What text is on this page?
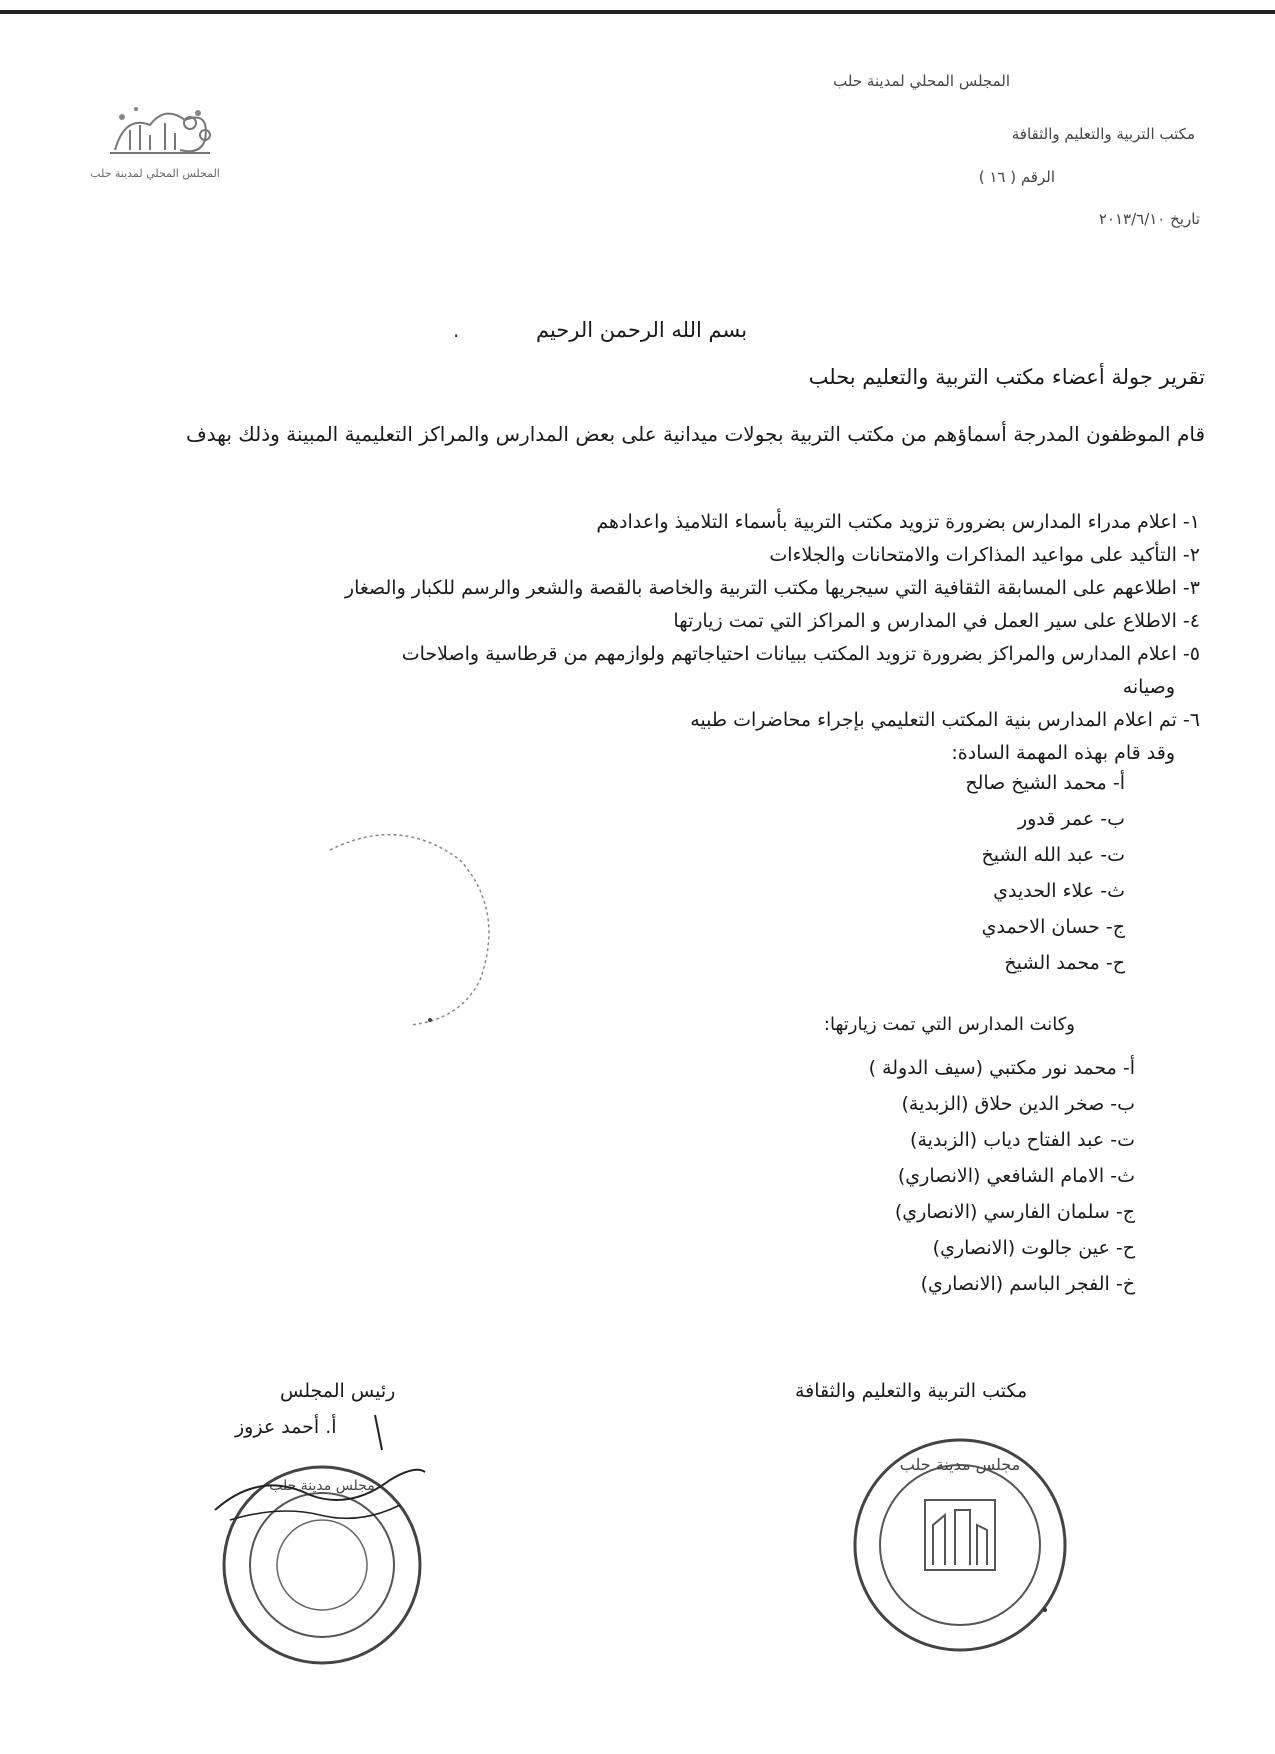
المجلس المحلي لمدينة حلب
مكتب التربية والتعليم والثقافة
الرقم ( ١٦ )
تاريخ ٢٠١٣/٦/١٠
المجلس المحلي لمدينة حلب
بسم الله الرحمن الرحيم .
تقرير جولة أعضاء مكتب التربية والتعليم بحلب
قام الموظفون المدرجة أسماؤهم من مكتب التربية بجولات ميدانية على بعض المدارس والمراكز التعليمية المبينة وذلك بهدف
١- اعلام مدراء المدارس بضرورة تزويد مكتب التربية بأسماء التلاميذ واعدادهم
٢- التأكيد على مواعيد المذاكرات والامتحانات والجلاءات
٣- اطلاعهم على المسابقة الثقافية التي سيجريها مكتب التربية والخاصة بالقصة والشعر والرسم للكبار والصغار
٤- الاطلاع على سير العمل في المدارس و المراكز التي تمت زيارتها
٥- اعلام المدارس والمراكز بضرورة تزويد المكتب ببيانات احتياجاتهم ولوازمهم من قرطاسية واصلاحات
وصيانه
٦- تم اعلام المدارس بنية المكتب التعليمي بإجراء محاضرات طبيه
وقد قام بهذه المهمة السادة:
أ- محمد الشيخ صالح
ب- عمر قدور
ت- عبد الله الشيخ
ث- علاء الحديدي
ج- حسان الاحمدي
ح- محمد الشيخ
وكانت المدارس التي تمت زيارتها:
أ- محمد نور مكتبي (سيف الدولة )
ب- صخر الدين حلاق (الزبدية)
ت- عبد الفتاح دياب (الزبدية)
ث- الامام الشافعي (الانصاري)
ج- سلمان الفارسي (الانصاري)
ح- عين جالوت (الانصاري)
خ- الفجر الباسم (الانصاري)
مكتب التربية والتعليم والثقافة
رئيس المجلس
أ. أحمد عزوز
مجلس مدينة حلب
مجلس مدينة حلب
